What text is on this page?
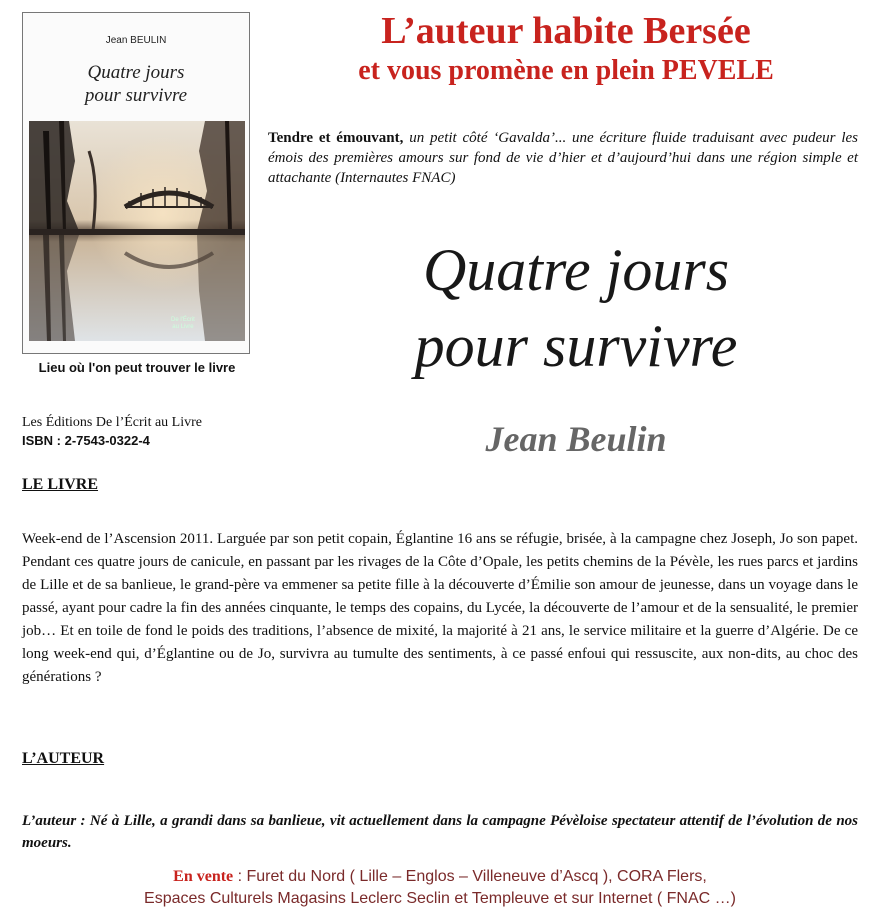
Jean BEULIN
Quatre jours
pour survivre
De l'Écrit
au Livre
Lieu où l'on peut trouver le livre
L’auteur habite Bersée
et vous promène en plein PEVELE
Tendre et émouvant, un petit côté ‘Gavalda’... une écriture fluide traduisant avec pudeur les émois des premières amours sur fond de vie d’hier et d’aujourd’hui dans une région simple et attachante (Internautes FNAC)
Quatre jours
pour survivre
Jean Beulin
Les Éditions De l’Écrit au Livre
ISBN : 2-7543-0322-4
LE LIVRE
Week-end de l’Ascension 2011. Larguée par son petit copain, Églantine 16 ans se réfugie, brisée, à la campagne chez Joseph, Jo son papet. Pendant ces quatre jours de canicule, en passant par les rivages de la Côte d’Opale, les petits chemins de la Pévèle, les rues parcs et jardins de Lille et de sa banlieue, le grand-père va emmener sa petite fille à la découverte d’Émilie son amour de jeunesse, dans un voyage dans le passé, ayant pour cadre la fin des années cinquante, le temps des copains, du Lycée, la découverte de l’amour et de la sensualité, le premier job… Et en toile de fond le poids des traditions, l’absence de mixité, la majorité à 21 ans, le service militaire et la guerre d’Algérie. De ce long week-end qui, d’Églantine ou de Jo, survivra au tumulte des sentiments, à ce passé enfoui qui ressuscite, aux non-dits, au choc des générations ?
L’AUTEUR
L’auteur : Né à Lille, a grandi dans sa banlieue, vit actuellement dans la campagne Pévèloise spectateur attentif de l’évolution de nos moeurs.
En vente : Furet du Nord ( Lille – Englos – Villeneuve d’Ascq ), CORA Flers,
Espaces Culturels Magasins Leclerc Seclin et Templeuve et sur Internet ( FNAC …)
